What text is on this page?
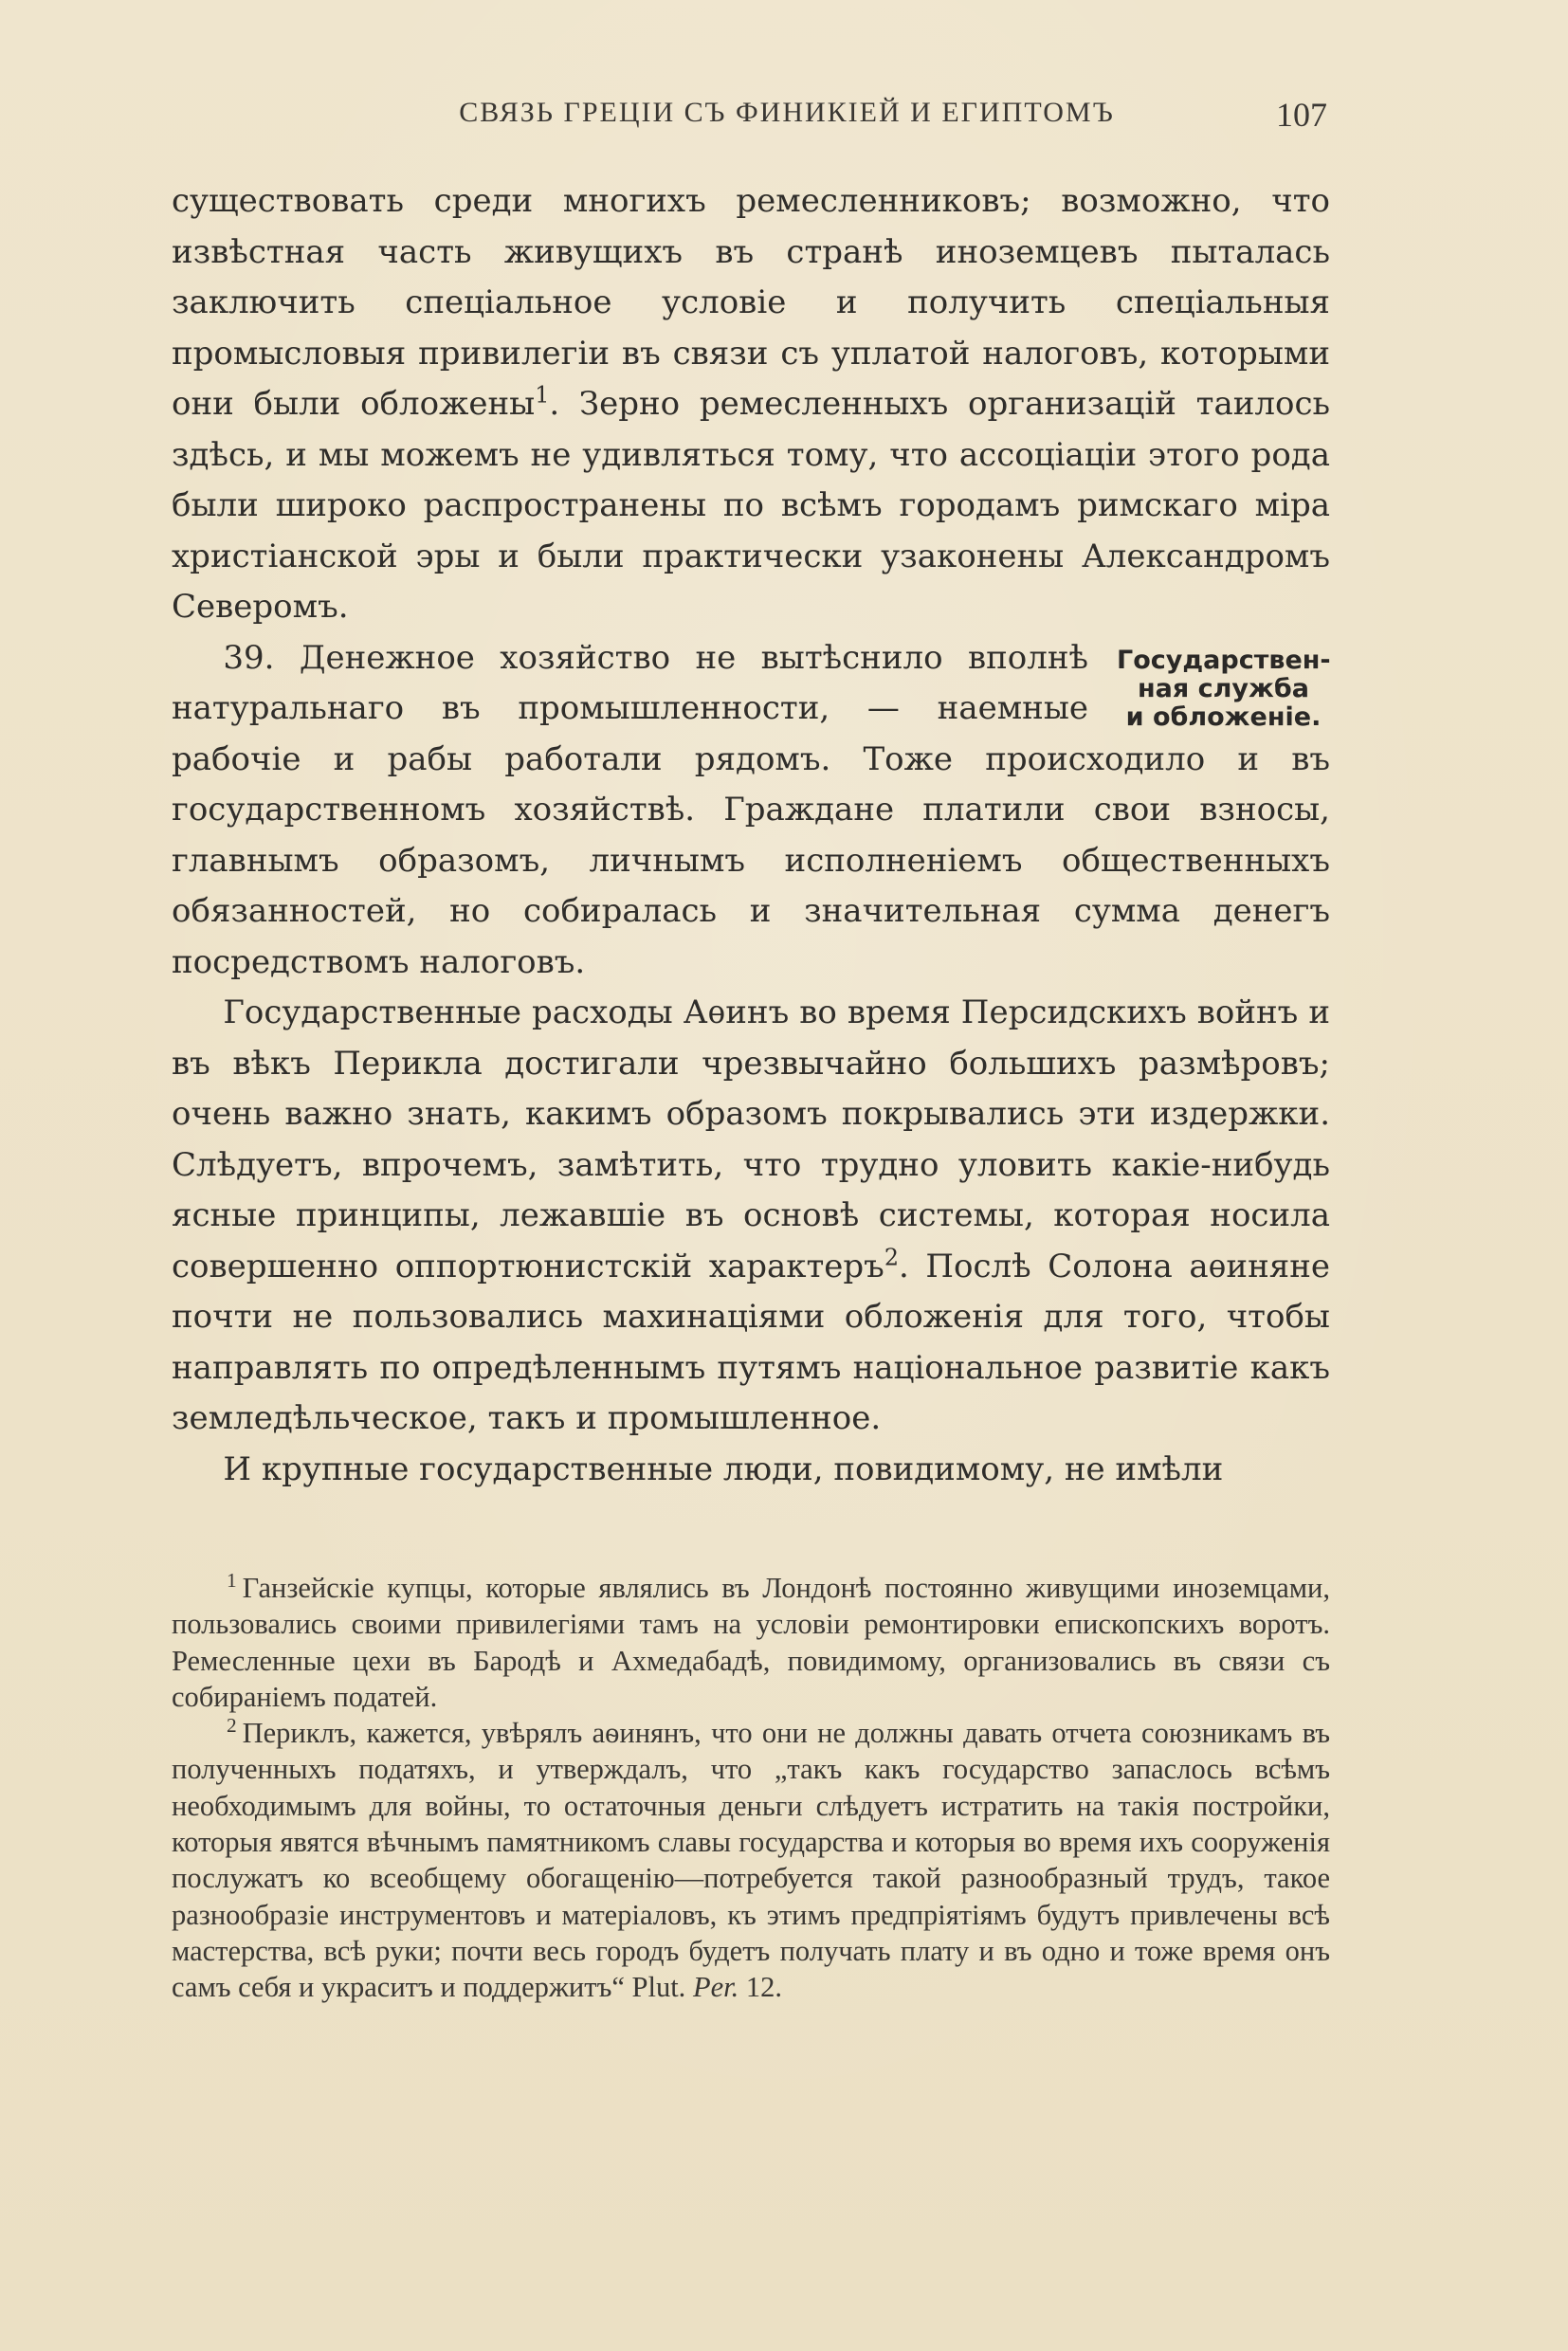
СВЯЗЬ ГРЕЦІИ СЪ ФИНИКІЕЙ И ЕГИПТОМЪ	107

существовать среди многихъ ремесленниковъ; возможно, что извѣстная часть живущихъ въ странѣ иноземцевъ пыталась заключить спеціальное условіе и получить спеціальныя промысловыя привилегіи въ связи съ уплатой налоговъ, которыми они были обложены$^1$. Зерно ремесленныхъ организацій таилось здѣсь, и мы можемъ не удивляться тому, что ассоціаціи этого рода были широко распространены по всѣмъ городамъ римскаго міра христіанской эры и были практически узаконены Александромъ Северомъ.

Государствен-
ная служба
и обложеніе.
39. Денежное хозяйство не вытѣснило вполнѣ натуральнаго въ промышленности, — наемные рабочіе и рабы работали рядомъ. Тоже происходило и въ государственномъ хозяйствѣ. Граждане платили свои взносы, главнымъ образомъ, личнымъ исполненіемъ общественныхъ обязанностей, но собиралась и значительная сумма денегъ посредствомъ налоговъ.

Государственные расходы Аѳинъ во время Персидскихъ войнъ и въ вѣкъ Перикла достигали чрезвычайно большихъ размѣровъ; очень важно знать, какимъ образомъ покрывались эти издержки. Слѣдуетъ, впрочемъ, замѣтить, что трудно уловить какіе-нибудь ясные принципы, лежавшіе въ основѣ системы, которая носила совершенно оппортюнистскій характеръ$^2$. Послѣ Солона аѳиняне почти не пользовались махинаціями обложенія для того, чтобы направлять по опредѣленнымъ путямъ національное развитіе какъ земледѣльческое, такъ и промышленное.

И крупные государственные люди, повидимому, не имѣли

$^1$ Ганзейскіе купцы, которые являлись въ Лондонѣ постоянно живущими иноземцами, пользовались своими привилегіями тамъ на условіи ремонтировки епископскихъ воротъ. Ремесленные цехи въ Бародѣ и Ахмедабадѣ, повидимому, организовались въ связи съ собираніемъ податей.

$^2$ Периклъ, кажется, увѣрялъ аѳинянъ, что они не должны давать отчета союзникамъ въ полученныхъ податяхъ, и утверждалъ, что „такъ какъ государство запаслось всѣмъ необходимымъ для войны, то остаточныя деньги слѣдуетъ истратить на такія постройки, которыя явятся вѣчнымъ памятникомъ славы государства и которыя во время ихъ сооруженія послужатъ ко всеобщему обогащенію—потребуется такой разнообразный трудъ, такое разнообразіе инструментовъ и матеріаловъ, къ этимъ предпріятіямъ будутъ привлечены всѣ мастерства, всѣ руки; почти весь городъ будетъ получать плату и въ одно и тоже время онъ самъ себя и украситъ и поддержитъ“ Plut. Per. 12.
